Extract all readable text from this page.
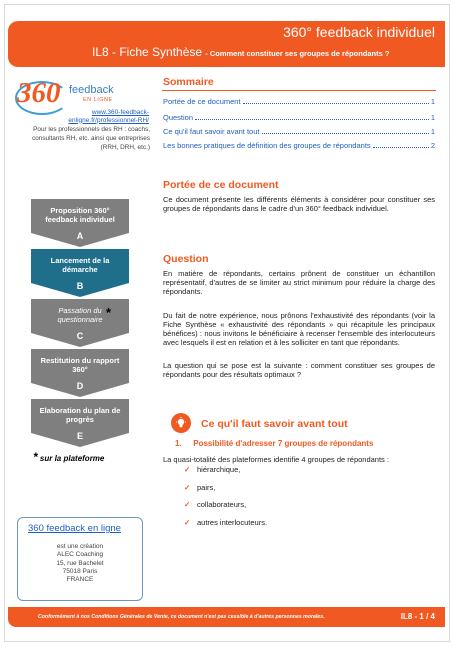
360° feedback individuel
IL8 - Fiche Synthèse - Comment constituer ses groupes de répondants ?
360 feedback
EN LIGNE
www.360-feedback-enligne.fr/professionnel-RH/
Pour les professionnels des RH : coachs, consultants RH, etc. ainsi que entreprises (RRH, DRH, etc.)
Proposition 360° feedback individuel
A
Lancement de la démarche
B
Passation du questionnaire
C
Restitution du rapport 360°
D
Elaboration du plan de progrès
E
*
* sur la plateforme
360 feedback en ligne
est une création
ALEC Coaching
15, rue Bachelet
75018 Paris
FRANCE
Sommaire
Portée de ce document	1
Question	1
Ce qu'il faut savoir avant tout	1
Les bonnes pratiques de définition des groupes de répondants	2
Portée de ce document
Ce document présente les différents éléments à considérer pour constituer ses groupes de répondants dans le cadre d'un 360° feedback individuel.
Question
En matière de répondants, certains prônent de constituer un échantillon représentatif, d'autres de se limiter au strict minimum pour réduire la charge des répondants.
Du fait de notre expérience, nous prônons l'exhaustivité des répondants (voir la Fiche Synthèse « exhaustivité des répondants » qui récapitule les principaux bénéfices) : nous invitons le bénéficiaire à recenser l'ensemble des interlocuteurs avec lesquels il est en relation et à les solliciter en tant que répondants.
La question qui se pose est la suivante : comment constituer ses groupes de répondants pour des résultats optimaux ?
Ce qu'il faut savoir avant tout
1. Possibilité d'adresser 7 groupes de répondants
La quasi-totalité des plateformes identifie 4 groupes de répondants :
✓ hiérarchique,
✓ pairs,
✓ collaborateurs,
✓ autres interlocuteurs.
Conformément à nos Conditions Générales de Vente, ce document n'est pas cessible à d'autres personnes morales.	IL8 - 1 / 4
